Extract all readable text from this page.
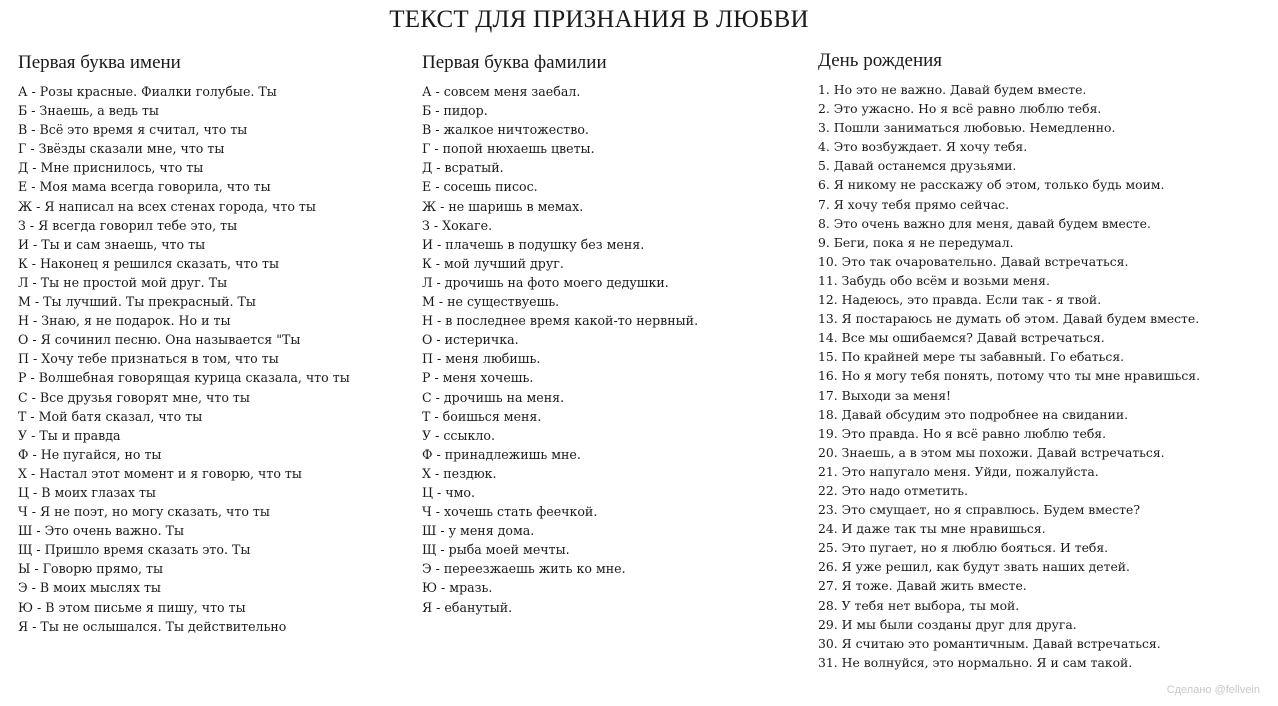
ТЕКСТ ДЛЯ ПРИЗНАНИЯ В ЛЮБВИ
Первая буква имени
А - Розы красные. Фиалки голубые. Ты
Б - Знаешь, а ведь ты
В - Всё это время я считал, что ты
Г - Звёзды сказали мне, что ты
Д - Мне приснилось, что ты
Е - Моя мама всегда говорила, что ты
Ж - Я написал на всех стенах города, что ты
З - Я всегда говорил тебе это, ты
И - Ты и сам знаешь, что ты
К - Наконец я решился сказать, что ты
Л - Ты не простой мой друг. Ты
М - Ты лучший. Ты прекрасный. Ты
Н - Знаю, я не подарок. Но и ты
О - Я сочинил песню. Она называется "Ты
П - Хочу тебе признаться в том, что ты
Р - Волшебная говорящая курица сказала, что ты
С - Все друзья говорят мне, что ты
Т - Мой батя сказал, что ты
У - Ты и правда
Ф - Не пугайся, но ты
Х - Настал этот момент и я говорю, что ты
Ц - В моих глазах ты
Ч - Я не поэт, но могу сказать, что ты
Ш - Это очень важно. Ты
Щ - Пришло время сказать это. Ты
Ы - Говорю прямо, ты
Э - В моих мыслях ты
Ю - В этом письме я пишу, что ты
Я - Ты не ослышался. Ты действительно
Первая буква фамилии
А - совсем меня заебал.
Б - пидор.
В - жалкое ничтожество.
Г - попой нюхаешь цветы.
Д - всратый.
Е - сосешь писос.
Ж - не шаришь в мемах.
З - Хокаге.
И - плачешь в подушку без меня.
К - мой лучший друг.
Л - дрочишь на фото моего дедушки.
М - не существуешь.
Н - в последнее время какой-то нервный.
О - истеричка.
П - меня любишь.
Р - меня хочешь.
С - дрочишь на меня.
Т - боишься меня.
У - ссыкло.
Ф - принадлежишь мне.
Х - пездюк.
Ц - чмо.
Ч - хочешь стать феечкой.
Ш - у меня дома.
Щ - рыба моей мечты.
Э - переезжаешь жить ко мне.
Ю - мразь.
Я - ебанутый.
День рождения
1. Но это не важно. Давай будем вместе.
2. Это ужасно. Но я всё равно люблю тебя.
3. Пошли заниматься любовью. Немедленно.
4. Это возбуждает. Я хочу тебя.
5. Давай останемся друзьями.
6. Я никому не расскажу об этом, только будь моим.
7. Я хочу тебя прямо сейчас.
8. Это очень важно для меня, давай будем вместе.
9. Беги, пока я не передумал.
10. Это так очаровательно. Давай встречаться.
11. Забудь обо всём и возьми меня.
12. Надеюсь, это правда. Если так - я твой.
13. Я постараюсь не думать об этом. Давай будем вместе.
14. Все мы ошибаемся? Давай встречаться.
15. По крайней мере ты забавный. Го ебаться.
16. Но я могу тебя понять, потому что ты мне нравишься.
17. Выходи за меня!
18. Давай обсудим это подробнее на свидании.
19. Это правда. Но я всё равно люблю тебя.
20. Знаешь, а в этом мы похожи. Давай встречаться.
21. Это напугало меня. Уйди, пожалуйста.
22. Это надо отметить.
23. Это смущает, но я справлюсь. Будем вместе?
24. И даже так ты мне нравишься.
25. Это пугает, но я люблю бояться. И тебя.
26. Я уже решил, как будут звать наших детей.
27. Я тоже. Давай жить вместе.
28. У тебя нет выбора, ты мой.
29. И мы были созданы друг для друга.
30. Я считаю это романтичным. Давай встречаться.
31. Не волнуйся, это нормально. Я и сам такой.
Сделано @fellvein
